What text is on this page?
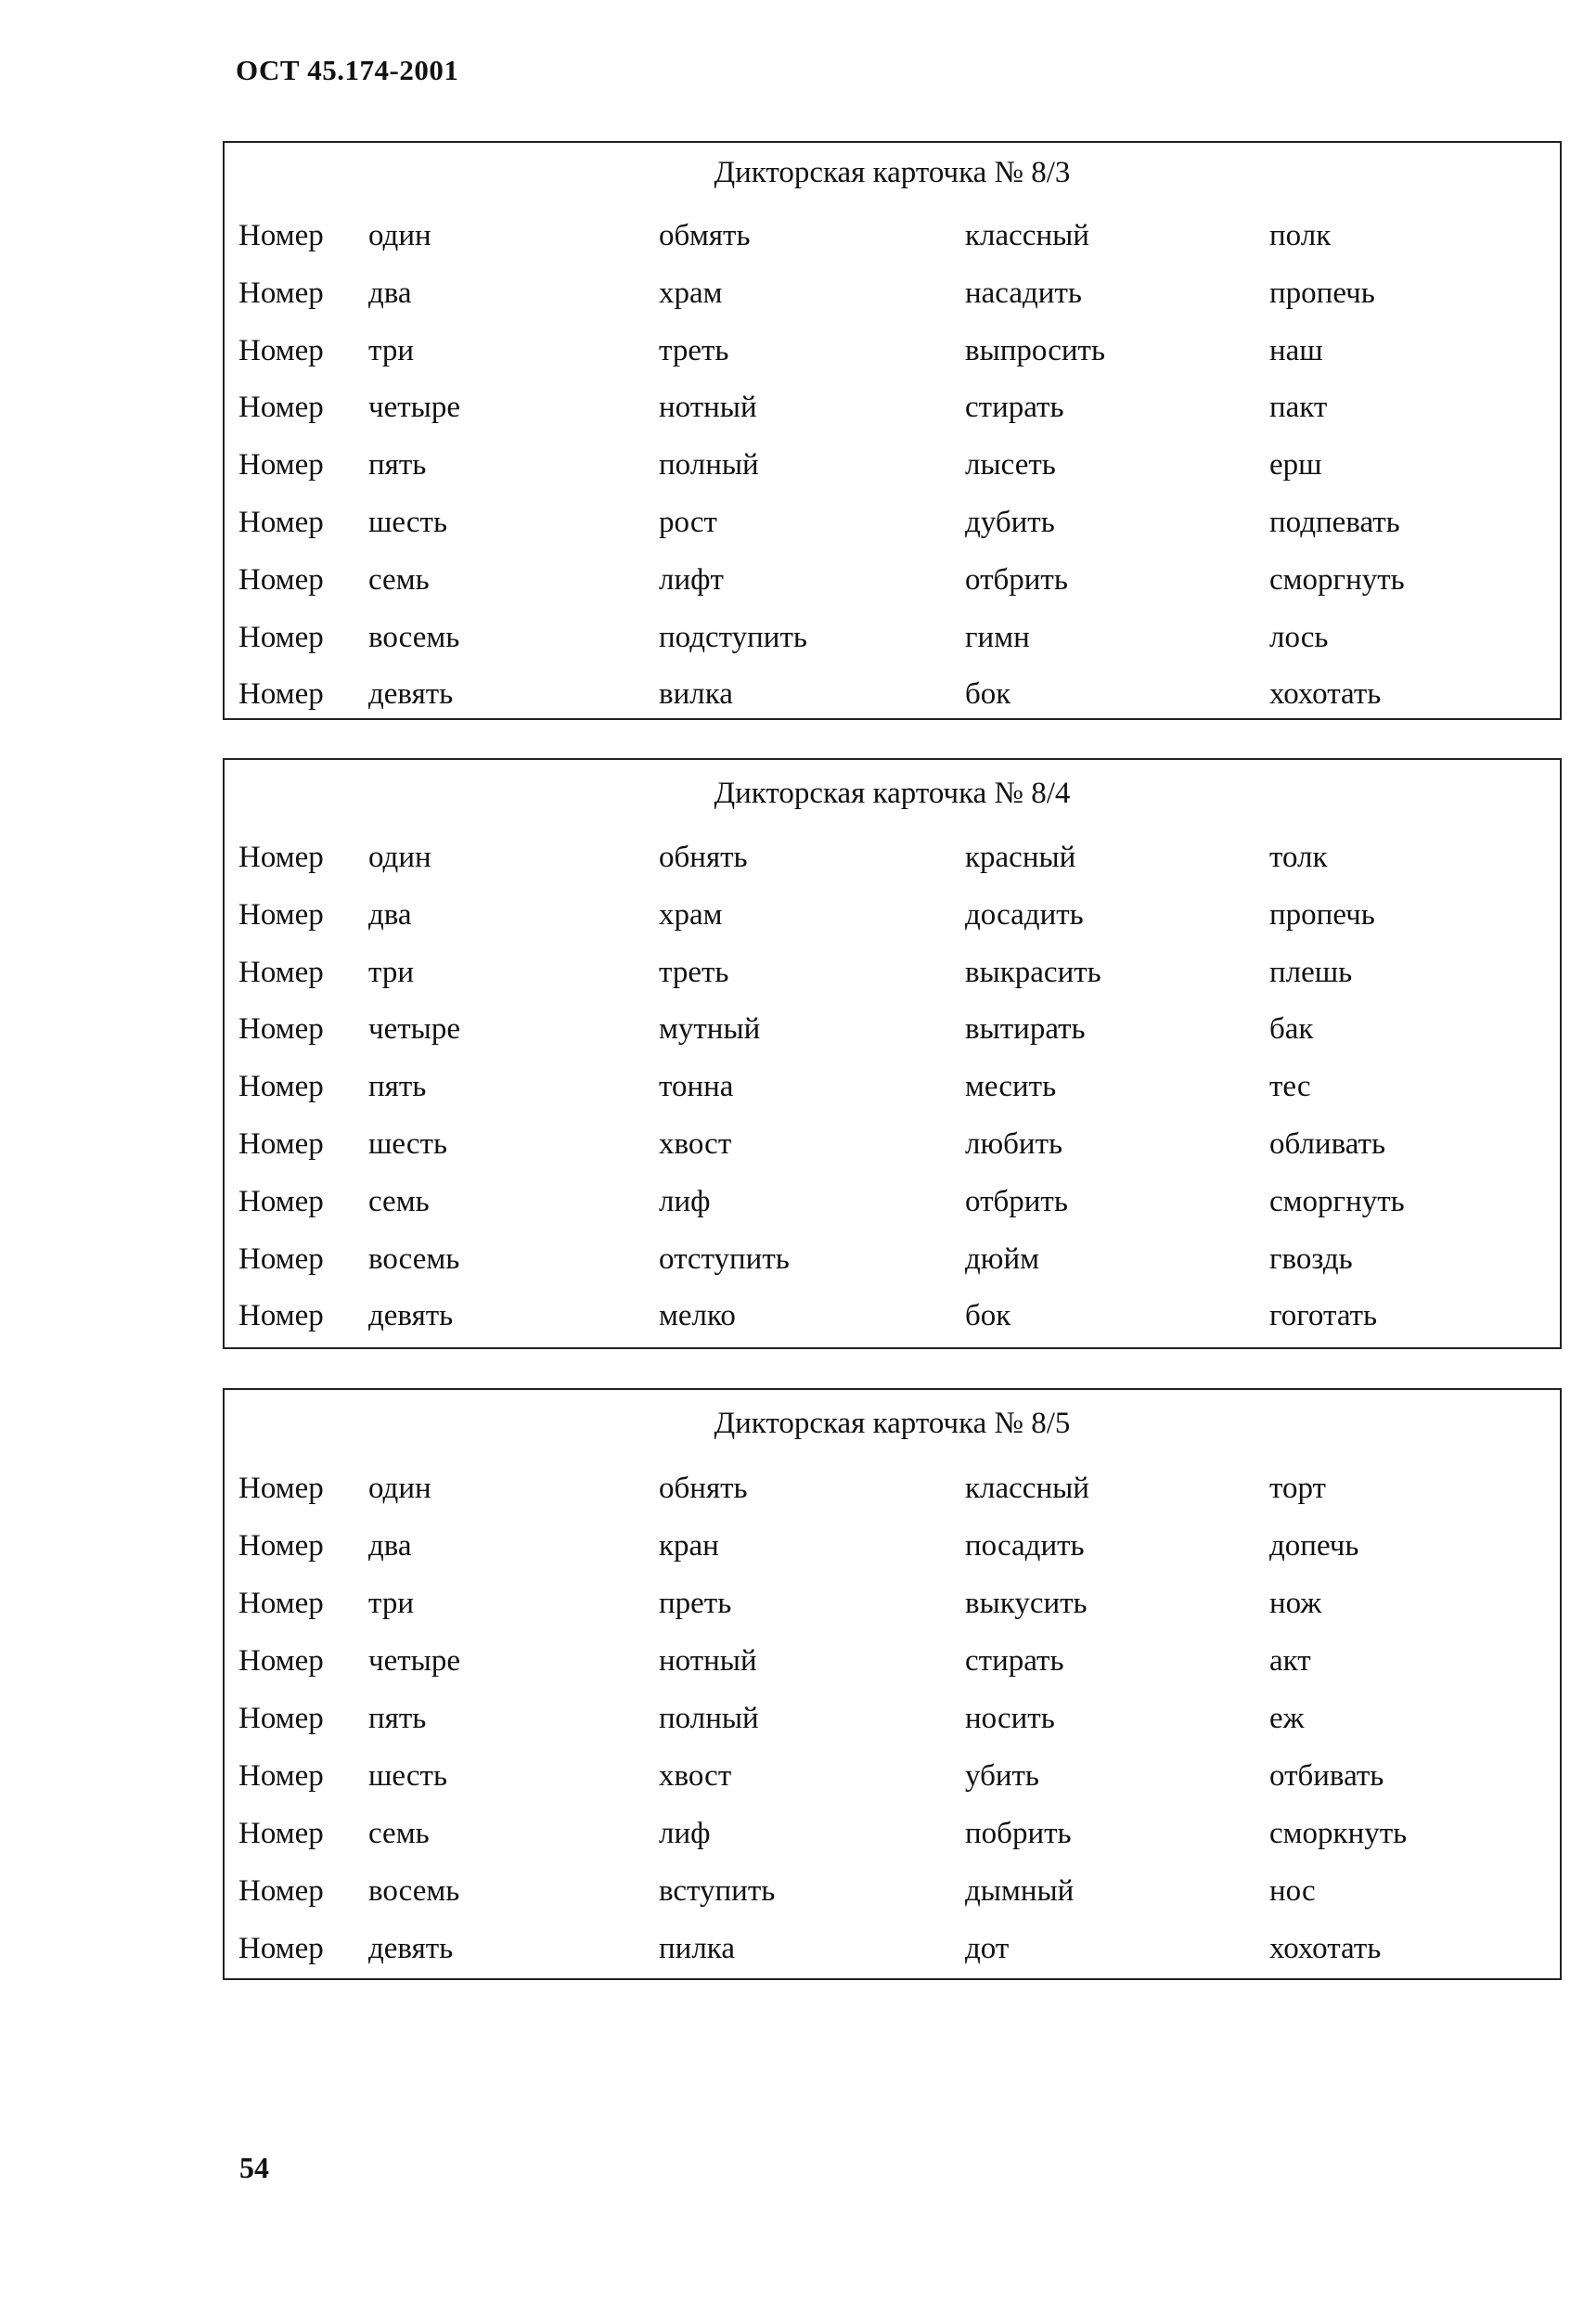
ОСТ 45.174-2001
Дикторская карточка № 8/3
Номер один	обмять	классный	полк
Номер два	храм	насадить	пропечь
Номер три	треть	выпросить	наш
Номер четыре	нотный	стирать	пакт
Номер пять	полный	лысеть	ерш
Номер шесть	рост	дубить	подпевать
Номер семь	лифт	отбрить	сморгнуть
Номер восемь	подступить	гимн	лось
Номер девять	вилка	бок	хохотать
Дикторская карточка № 8/4
Номер один	обнять	красный	толк
Номер два	храм	досадить	пропечь
Номер три	треть	выкрасить	плешь
Номер четыре	мутный	вытирать	бак
Номер пять	тонна	месить	тес
Номер шесть	хвост	любить	обливать
Номер семь	лиф	отбрить	сморгнуть
Номер восемь	отступить	дюйм	гвоздь
Номер девять	мелко	бок	гоготать
Дикторская карточка № 8/5
Номер один	обнять	классный	торт
Номер два	кран	посадить	допечь
Номер три	преть	выкусить	нож
Номер четыре	нотный	стирать	акт
Номер пять	полный	носить	еж
Номер шесть	хвост	убить	отбивать
Номер семь	лиф	побрить	сморкнуть
Номер восемь	вступить	дымный	нос
Номер девять	пилка	дот	хохотать
54
